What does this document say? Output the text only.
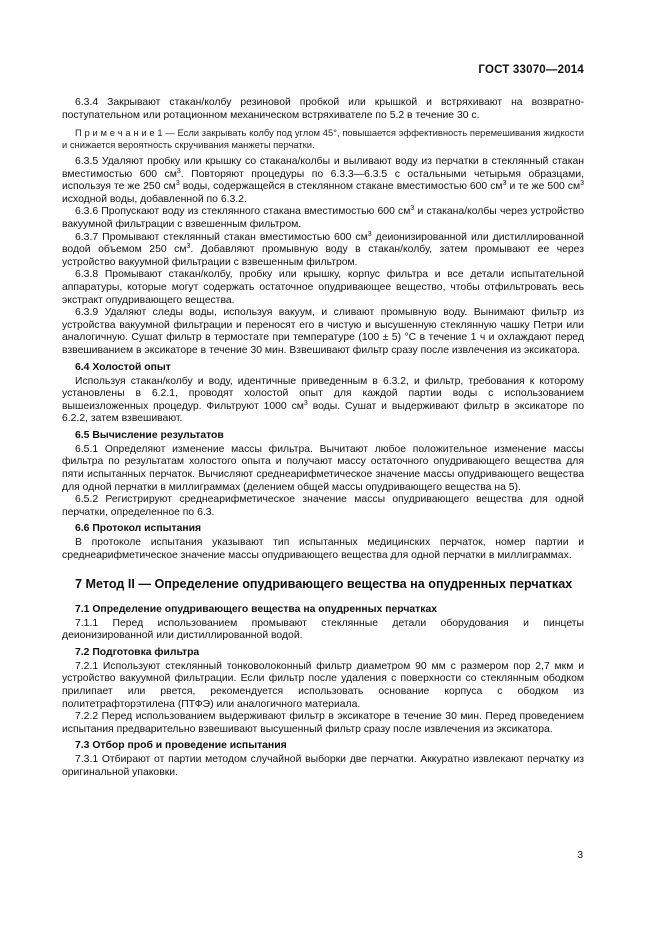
ГОСТ 33070—2014

6.3.4 Закрывают стакан/колбу резиновой пробкой или крышкой и встряхивают на возвратно-поступательном или ротационном механическом встряхивателе по 5.2 в течение 30 с.

П р и м е ч а н и е 1 — Если закрывать колбу под углом 45°, повышается эффективность перемешивания жидкости и снижается вероятность скручивания манжеты перчатки.

6.3.5 Удаляют пробку или крышку со стакана/колбы и выливают воду из перчатки в стеклянный стакан вместимостью 600 $см^3$. Повторяют процедуры по 6.3.3—6.3.5 с остальными четырьмя образцами, используя те же 250 $см^3$ воды, содержащейся в стеклянном стакане вместимостью 600 $см^3$ и те же 500 $см^3$ исходной воды, добавленной по 6.3.2.

6.3.6 Пропускают воду из стеклянного стакана вместимостью 600 $см^3$ и стакана/колбы через устройство вакуумной фильтрации с взвешенным фильтром.

6.3.7 Промывают стеклянный стакан вместимостью 600 $см^3$ деионизированной или дистиллированной водой объемом 250 $см^3$. Добавляют промывную воду в стакан/колбу, затем промывают ее через устройство вакуумной фильтрации с взвешенным фильтром.

6.3.8 Промывают стакан/колбу, пробку или крышку, корпус фильтра и все детали испытательной аппаратуры, которые могут содержать остаточное опудривающее вещество, чтобы отфильтровать весь экстракт опудривающего вещества.

6.3.9 Удаляют следы воды, используя вакуум, и сливают промывную воду. Вынимают фильтр из устройства вакуумной фильтрации и переносят его в чистую и высушенную стеклянную чашку Петри или аналогичную. Сушат фильтр в термостате при температуре (100 ± 5) °С в течение 1 ч и охлаждают перед взвешиванием в эксикаторе в течение 30 мин. Взвешивают фильтр сразу после извлечения из эксикатора.

6.4 Холостой опыт

Используя стакан/колбу и воду, идентичные приведенным в 6.3.2, и фильтр, требования к которому установлены в 6.2.1, проводят холостой опыт для каждой партии воды с использованием вышеизложенных процедур. Фильтруют 1000 $см^3$ воды. Сушат и выдерживают фильтр в эксикаторе по 6.2.2, затем взвешивают.

6.5 Вычисление результатов

6.5.1 Определяют изменение массы фильтра. Вычитают любое положительное изменение массы фильтра по результатам холостого опыта и получают массу остаточного опудривающего вещества для пяти испытанных перчаток. Вычисляют среднеарифметическое значение массы опудривающего вещества для одной перчатки в миллиграммах (делением общей массы опудривающего вещества на 5).

6.5.2 Регистрируют среднеарифметическое значение массы опудривающего вещества для одной перчатки, определенное по 6.3.

6.6 Протокол испытания

В протоколе испытания указывают тип испытанных медицинских перчаток, номер партии и среднеарифметическое значение массы опудривающего вещества для одной перчатки в миллиграммах.

7 Метод II — Определение опудривающего вещества на опудренных перчатках
7.1 Определение опудривающего вещества на опудренных перчатках

7.1.1 Перед использованием промывают стеклянные детали оборудования и пинцеты деионизированной или дистиллированной водой.

7.2 Подготовка фильтра

7.2.1 Используют стеклянный тонковолоконный фильтр диаметром 90 мм с размером пор 2,7 мкм и устройство вакуумной фильтрации. Если фильтр после удаления с поверхности со стеклянным ободком прилипает или рвется, рекомендуется использовать основание корпуса с ободком из политетрафторэтилена (ПТФЭ) или аналогичного материала.

7.2.2 Перед использованием выдерживают фильтр в эксикаторе в течение 30 мин. Перед проведением испытания предварительно взвешивают высушенный фильтр сразу после извлечения из эксикатора.

7.3 Отбор проб и проведение испытания

7.3.1 Отбирают от партии методом случайной выборки две перчатки. Аккуратно извлекают перчатку из оригинальной упаковки.

3
